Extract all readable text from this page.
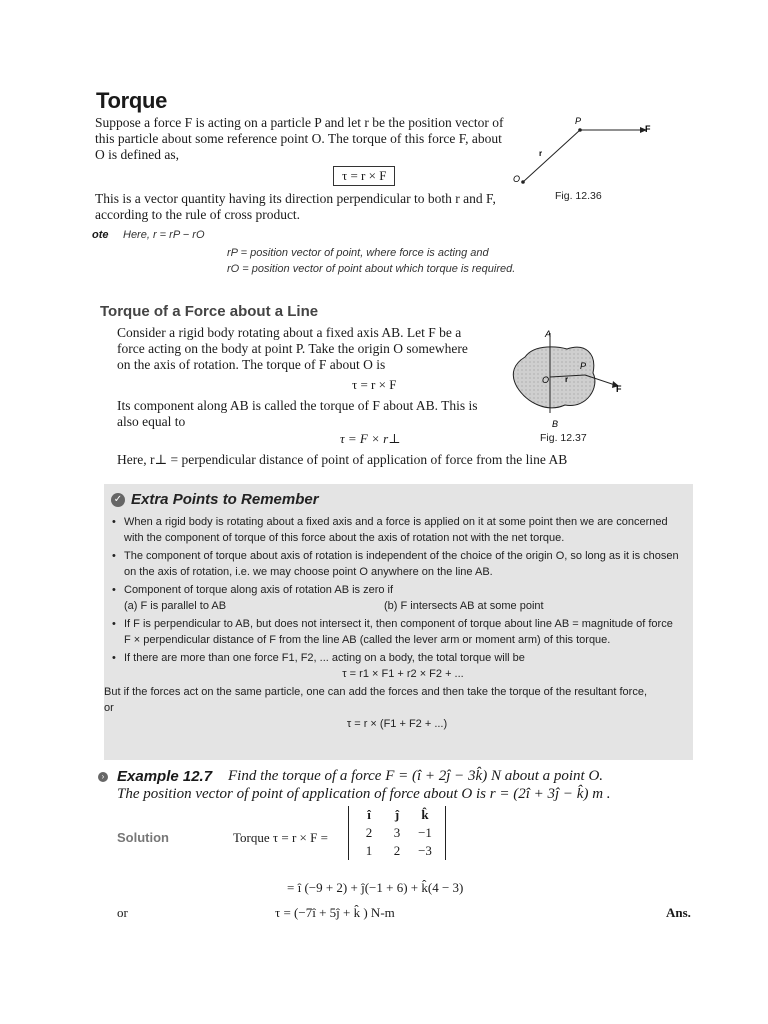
Torque
Suppose a force F is acting on a particle P and let r be the position vector of
this particle about some reference point O. The torque of this force F, about
O is defined as,
τ = r × F
This is a vector quantity having its direction perpendicular to both r and F,
according to the rule of cross product.
P
F
O
r
Fig. 12.36
ote Here, r = rP − rO
rP = position vector of point, where force is acting and
rO = position vector of point about which torque is required.
Torque of a Force about a Line
Consider a rigid body rotating about a fixed axis AB. Let F be a
force acting on the body at point P. Take the origin O somewhere
on the axis of rotation. The torque of F about O is
τ = r × F
Its component along AB is called the torque of F about AB. This is
also equal to
τ = F × r⊥
Here, r⊥ = perpendicular distance of point of application of force from the line AB
A
B
P
O r
F
Fig. 12.37
✓ Extra Points to Remember
• When a rigid body is rotating about a fixed axis and a force is applied on it at some point then we are concerned with the component of torque of this force about the axis of rotation not with the net torque.
• The component of torque about axis of rotation is independent of the choice of the origin O, so long as it is chosen on the axis of rotation, i.e. we may choose point O anywhere on the line AB.
• Component of torque along axis of rotation AB is zero if
(a) F is parallel to AB	(b) F intersects AB at some point
• If F is perpendicular to AB, but does not intersect it, then component of torque about line AB = magnitude of force F × perpendicular distance of F from the line AB (called the lever arm or moment arm) of this torque.
• If there are more than one force F1, F2, ... acting on a body, the total torque will be
τ = r1 × F1 + r2 × F2 + ...
But if the forces act on the same particle, one can add the forces and then take the torque of the resultant force,
or
τ = r × (F1 + F2 + ...)
› Example 12.7 Find the torque of a force F = (î + 2ĵ − 3k̂) N about a point O.
The position vector of point of application of force about O is r = (2î + 3ĵ − k̂) m .
Solution	Torque τ = r × F =
î	ĵ	k̂
2	3	−1
1	2	−3
= î (−9 + 2) + ĵ(−1 + 6) + k̂(4 − 3)
or	τ = (−7î + 5ĵ + k̂ ) N-m	Ans.
